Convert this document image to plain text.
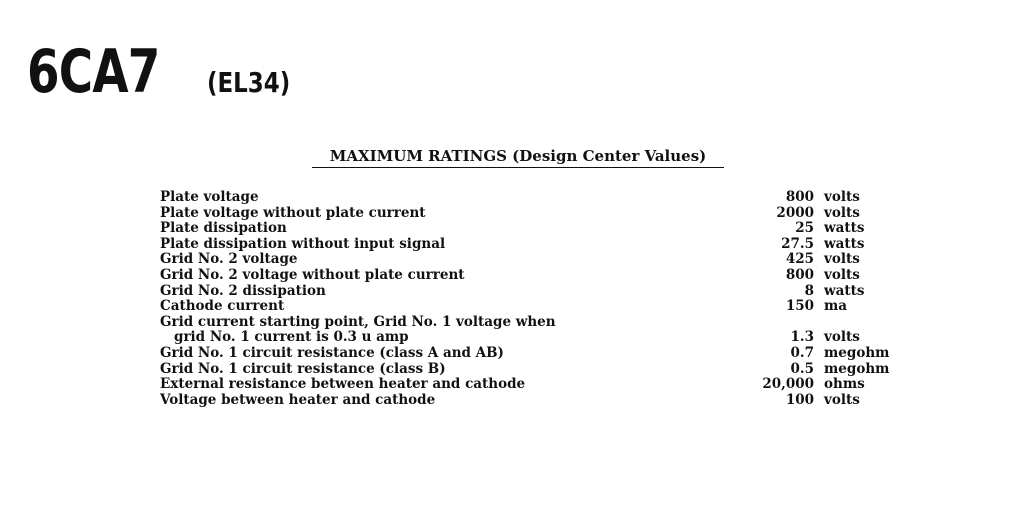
6CA7 (EL34)
MAXIMUM RATINGS (Design Center Values)
Plate voltage	800 volts
Plate voltage without plate current	2000 volts
Plate dissipation	25 watts
Plate dissipation without input signal	27.5 watts
Grid No. 2 voltage	425 volts
Grid No. 2 voltage without plate current	800 volts
Grid No. 2 dissipation	8 watts
Cathode current	150 ma
Grid current starting point, Grid No. 1 voltage when
grid No. 1 current is 0.3 u amp	1.3 volts
Grid No. 1 circuit resistance (class A and AB)	0.7 megohm
Grid No. 1 circuit resistance (class B)	0.5 megohm
External resistance between heater and cathode	20,000 ohms
Voltage between heater and cathode	100 volts
